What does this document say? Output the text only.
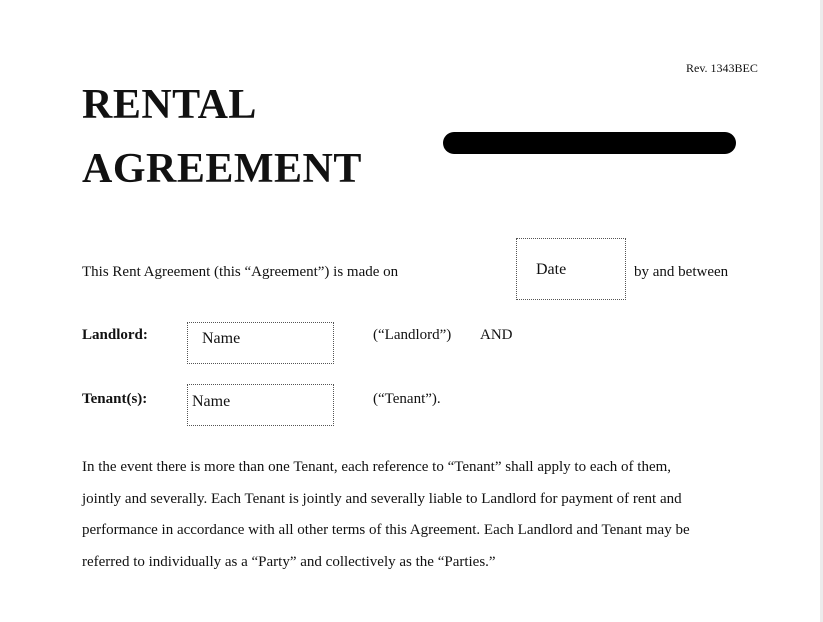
Rev. 1343BEC
RENTAL
AGREEMENT
This Rent Agreement (this “Agreement”) is made on	Date	by and between
Landlord:	Name	(“Landlord”) AND
Tenant(s):	Name	(“Tenant”).
In the event there is more than one Tenant, each reference to “Tenant” shall apply to each of them,
jointly and severally. Each Tenant is jointly and severally liable to Landlord for payment of rent and
performance in accordance with all other terms of this Agreement. Each Landlord and Tenant may be
referred to individually as a “Party” and collectively as the “Parties.”
